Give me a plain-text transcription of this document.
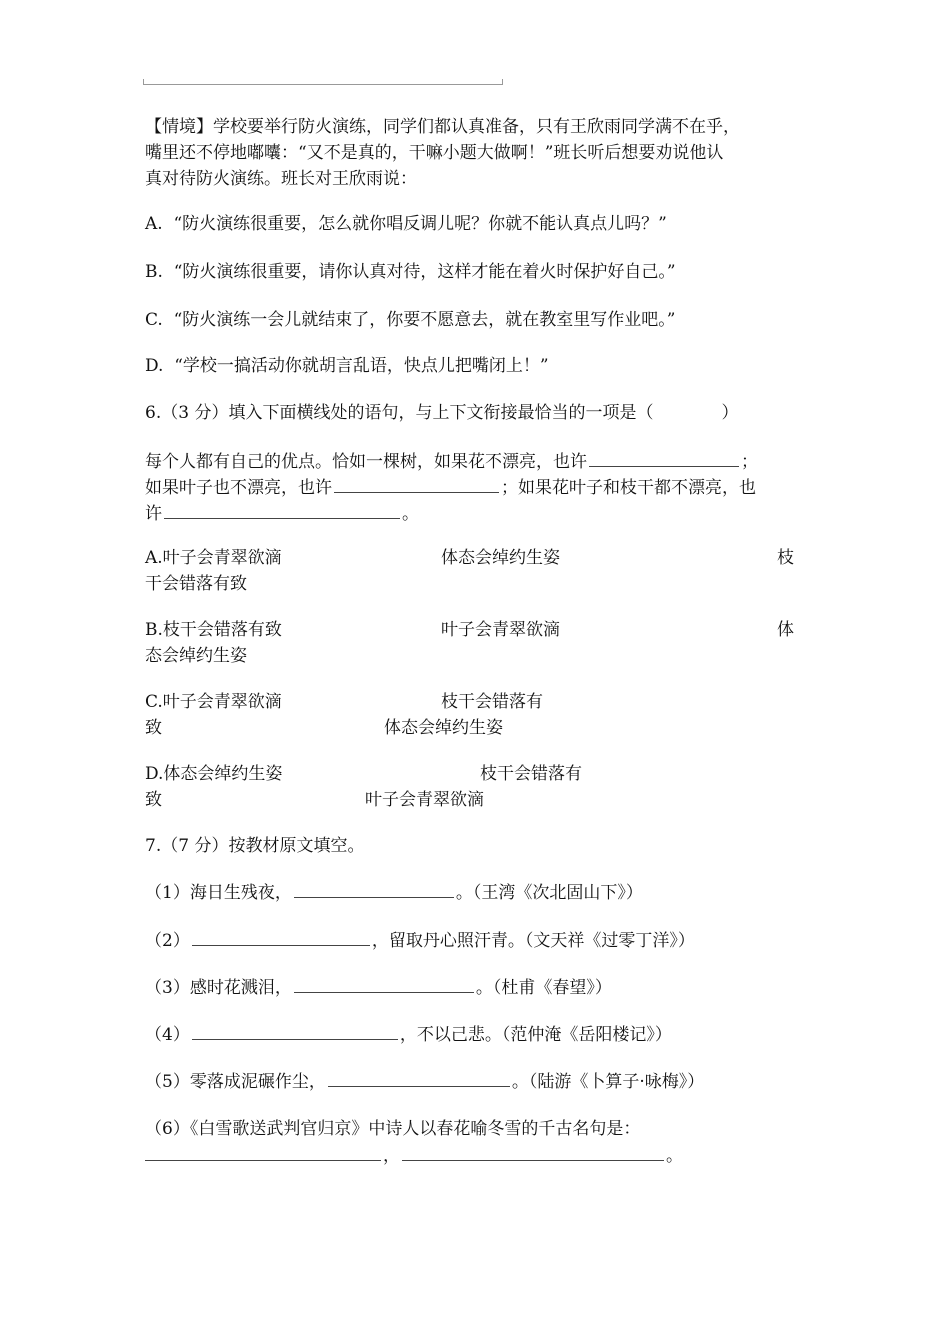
【情境】学校要举行防火演练，同学们都认真准备，只有王欣雨同学满不在乎，
嘴里还不停地嘟囔：“又不是真的，干嘛小题大做啊！”班长听后想要劝说他认
真对待防火演练。班长对王欣雨说：
A.  “防火演练很重要，怎么就你唱反调儿呢？你就不能认真点儿吗？”
B.  “防火演练很重要，请你认真对待，这样才能在着火时保护好自己。”
C.  “防火演练一会儿就结束了，你要不愿意去，就在教室里写作业吧。”
D.  “学校一搞活动你就胡言乱语，快点儿把嘴闭上！”
6.（3 分）填入下面横线处的语句，与上下文衔接最恰当的一项是（　　　　）
每个人都有自己的优点。恰如一棵树，如果花不漂亮，也许	；
如果叶子也不漂亮，也许	；如果花叶子和枝干都不漂亮，也
许	。
A.叶子会青翠欲滴	体态会绰约生姿	枝
干会错落有致
B.枝干会错落有致	叶子会青翠欲滴	体
态会绰约生姿
C.叶子会青翠欲滴	枝干会错落有
致	体态会绰约生姿
D.体态会绰约生姿	枝干会错落有
致	叶子会青翠欲滴
7.（7 分）按教材原文填空。
（1）海日生残夜，	。（王湾《次北固山下》）
（2）	，留取丹心照汗青。（文天祥《过零丁洋》）
（3）感时花溅泪，	。（杜甫《春望》）
（4）	，不以己悲。（范仲淹《岳阳楼记》）
（5）零落成泥碾作尘，	。（陆游《卜算子·咏梅》）
（6）《白雪歌送武判官归京》中诗人以春花喻冬雪的千古名句是：
，	。
